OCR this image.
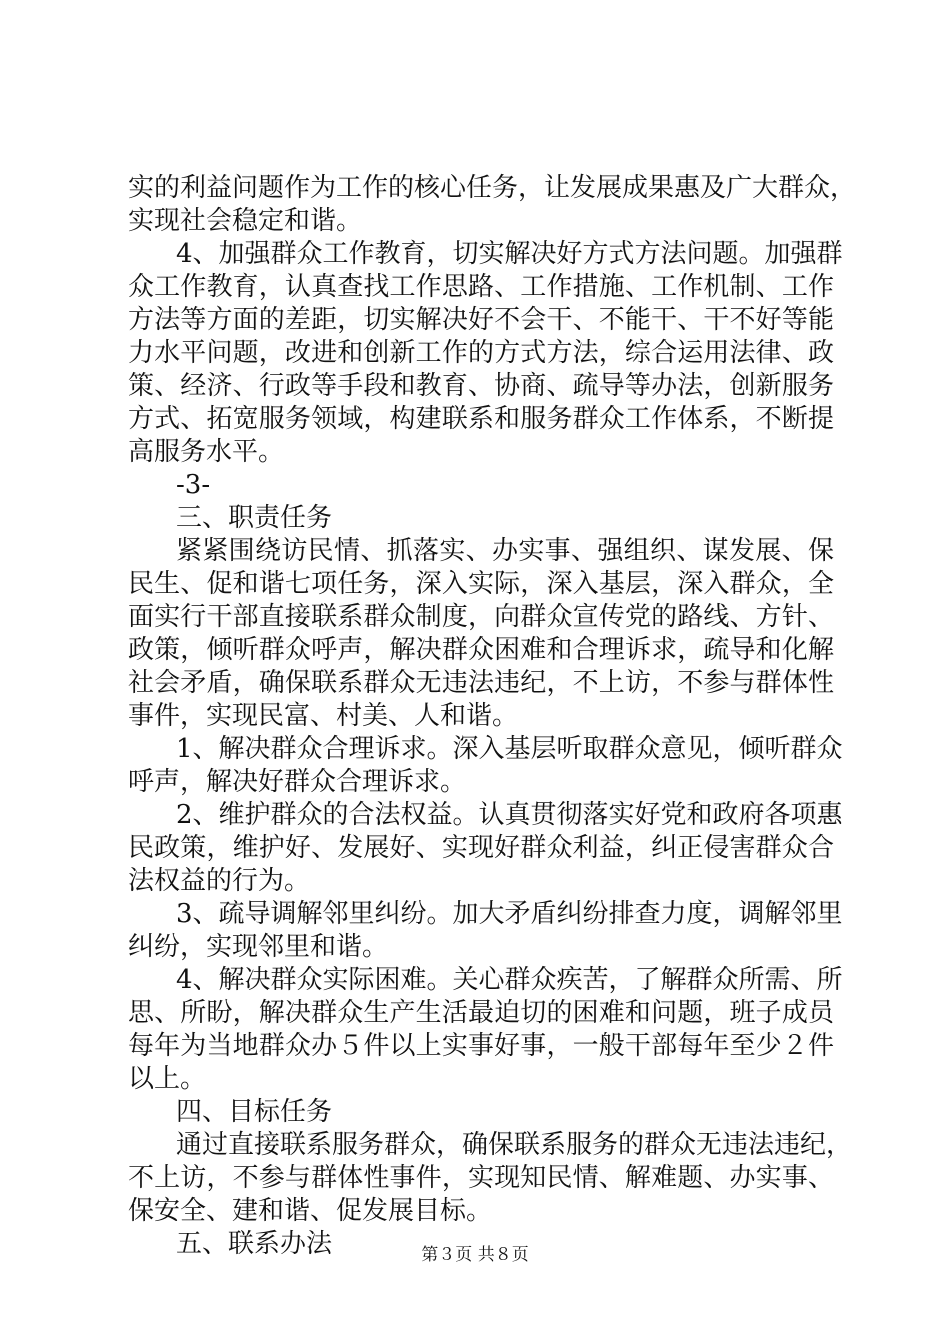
实的利益问题作为工作的核心任务，让发展成果惠及广大群众，
实现社会稳定和谐。
4、加强群众工作教育，切实解决好方式方法问题。加强群
众工作教育，认真查找工作思路、工作措施、工作机制、工作
方法等方面的差距，切实解决好不会干、不能干、干不好等能
力水平问题，改进和创新工作的方式方法，综合运用法律、政
策、经济、行政等手段和教育、协商、疏导等办法，创新服务
方式、拓宽服务领域，构建联系和服务群众工作体系，不断提
高服务水平。
-3-
三、职责任务
紧紧围绕访民情、抓落实、办实事、强组织、谋发展、保
民生、促和谐七项任务，深入实际，深入基层，深入群众，全
面实行干部直接联系群众制度，向群众宣传党的路线、方针、
政策，倾听群众呼声，解决群众困难和合理诉求，疏导和化解
社会矛盾，确保联系群众无违法违纪，不上访，不参与群体性
事件，实现民富、村美、人和谐。
1、解决群众合理诉求。深入基层听取群众意见，倾听群众
呼声，解决好群众合理诉求。
2、维护群众的合法权益。认真贯彻落实好党和政府各项惠
民政策，维护好、发展好、实现好群众利益，纠正侵害群众合
法权益的行为。
3、疏导调解邻里纠纷。加大矛盾纠纷排查力度，调解邻里
纠纷，实现邻里和谐。
4、解决群众实际困难。关心群众疾苦，了解群众所需、所
思、所盼，解决群众生产生活最迫切的困难和问题，班子成员
每年为当地群众办５件以上实事好事，一般干部每年至少２件
以上。
四、目标任务
通过直接联系服务群众，确保联系服务的群众无违法违纪，
不上访，不参与群体性事件，实现知民情、解难题、办实事、
保安全、建和谐、促发展目标。
五、联系办法	第３页 共８页
